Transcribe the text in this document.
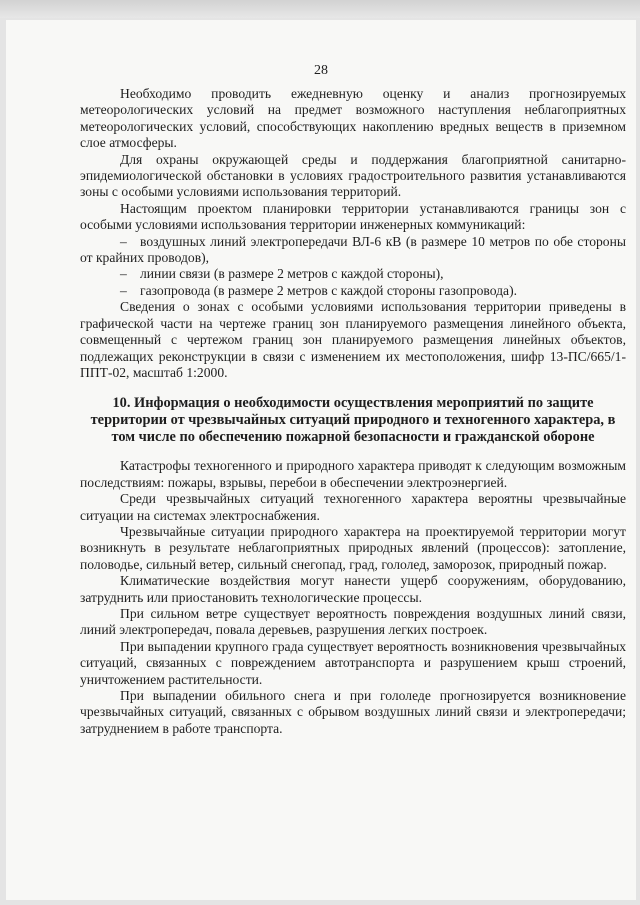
28

Необходимо проводить ежедневную оценку и анализ прогнозируемых метеорологических условий на предмет возможного наступления неблагоприятных метеорологических условий, способствующих накоплению вредных веществ в приземном слое атмосферы.

Для охраны окружающей среды и поддержания благоприятной санитарно-эпидемиологической обстановки в условиях градостроительного развития устанавливаются зоны с особыми условиями использования территорий.

Настоящим проектом планировки территории устанавливаются границы зон с особыми условиями использования территории инженерных коммуникаций:

– воздушных линий электропередачи ВЛ-6 кВ (в размере 10 метров по обе стороны от крайних проводов),

– линии связи (в размере 2 метров с каждой стороны),

– газопровода (в размере 2 метров с каждой стороны газопровода).

Сведения о зонах с особыми условиями использования территории приведены в графической части на чертеже границ зон планируемого размещения линейного объекта, совмещенный с чертежом границ зон планируемого размещения линейных объектов, подлежащих реконструкции в связи с изменением их местоположения, шифр 13-ПС/665/1-ППТ-02, масштаб 1:2000.

10. Информация о необходимости осуществления мероприятий по защите территории от чрезвычайных ситуаций природного и техногенного характера, в том числе по обеспечению пожарной безопасности и гражданской обороне

Катастрофы техногенного и природного характера приводят к следующим возможным последствиям: пожары, взрывы, перебои в обеспечении электроэнергией.

Среди чрезвычайных ситуаций техногенного характера вероятны чрезвычайные ситуации на системах электроснабжения.

Чрезвычайные ситуации природного характера на проектируемой территории могут возникнуть в результате неблагоприятных природных явлений (процессов): затопление, половодье, сильный ветер, сильный снегопад, град, гололед, заморозок, природный пожар.

Климатические воздействия могут нанести ущерб сооружениям, оборудованию, затруднить или приостановить технологические процессы.

При сильном ветре существует вероятность повреждения воздушных линий связи, линий электропередач, повала деревьев, разрушения легких построек.

При выпадении крупного града существует вероятность возникновения чрезвычайных ситуаций, связанных с повреждением автотранспорта и разрушением крыш строений, уничтожением растительности.

При выпадении обильного снега и при гололеде прогнозируется возникновение чрезвычайных ситуаций, связанных с обрывом воздушных линий связи и электропередачи; затруднением в работе транспорта.
